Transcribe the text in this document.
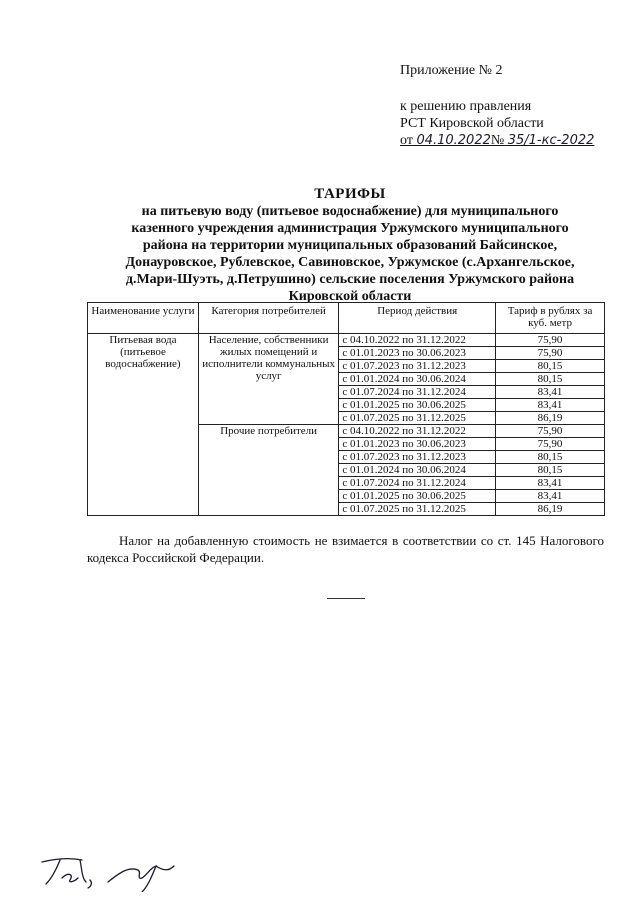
Приложение № 2
к решению правления
РСТ Кировской области
от 04.10.2022№ 35/1-кс-2022
ТАРИФЫ
на питьевую воду (питьевое водоснабжение) для муниципального
казенного учреждения администрация Уржумского муниципального
района на территории муниципальных образований Байсинское,
Донауровское, Рублевское, Савиновское, Уржумское (с.Архангельское,
д.Мари-Шуэть, д.Петрушино) сельские поселения Уржумского района
Кировской области
Наименование услуги	Категория потребителей	Период действия	Тариф в рублях за куб. метр
Питьевая вода (питьевое водоснабжение)	Население, собственники жилых помещений и исполнители коммунальных услуг	с 04.10.2022 по 31.12.2022	75,90
		с 01.01.2023 по 30.06.2023	75,90
		с 01.07.2023 по 31.12.2023	80,15
		с 01.01.2024 по 30.06.2024	80,15
		с 01.07.2024 по 31.12.2024	83,41
		с 01.01.2025 по 30.06.2025	83,41
		с 01.07.2025 по 31.12.2025	86,19
	Прочие потребители	с 04.10.2022 по 31.12.2022	75,90
		с 01.01.2023 по 30.06.2023	75,90
		с 01.07.2023 по 31.12.2023	80,15
		с 01.01.2024 по 30.06.2024	80,15
		с 01.07.2024 по 31.12.2024	83,41
		с 01.01.2025 по 30.06.2025	83,41
		с 01.07.2025 по 31.12.2025	86,19
Налог на добавленную стоимость не взимается в соответствии со ст. 145 Налогового кодекса Российской Федерации.
